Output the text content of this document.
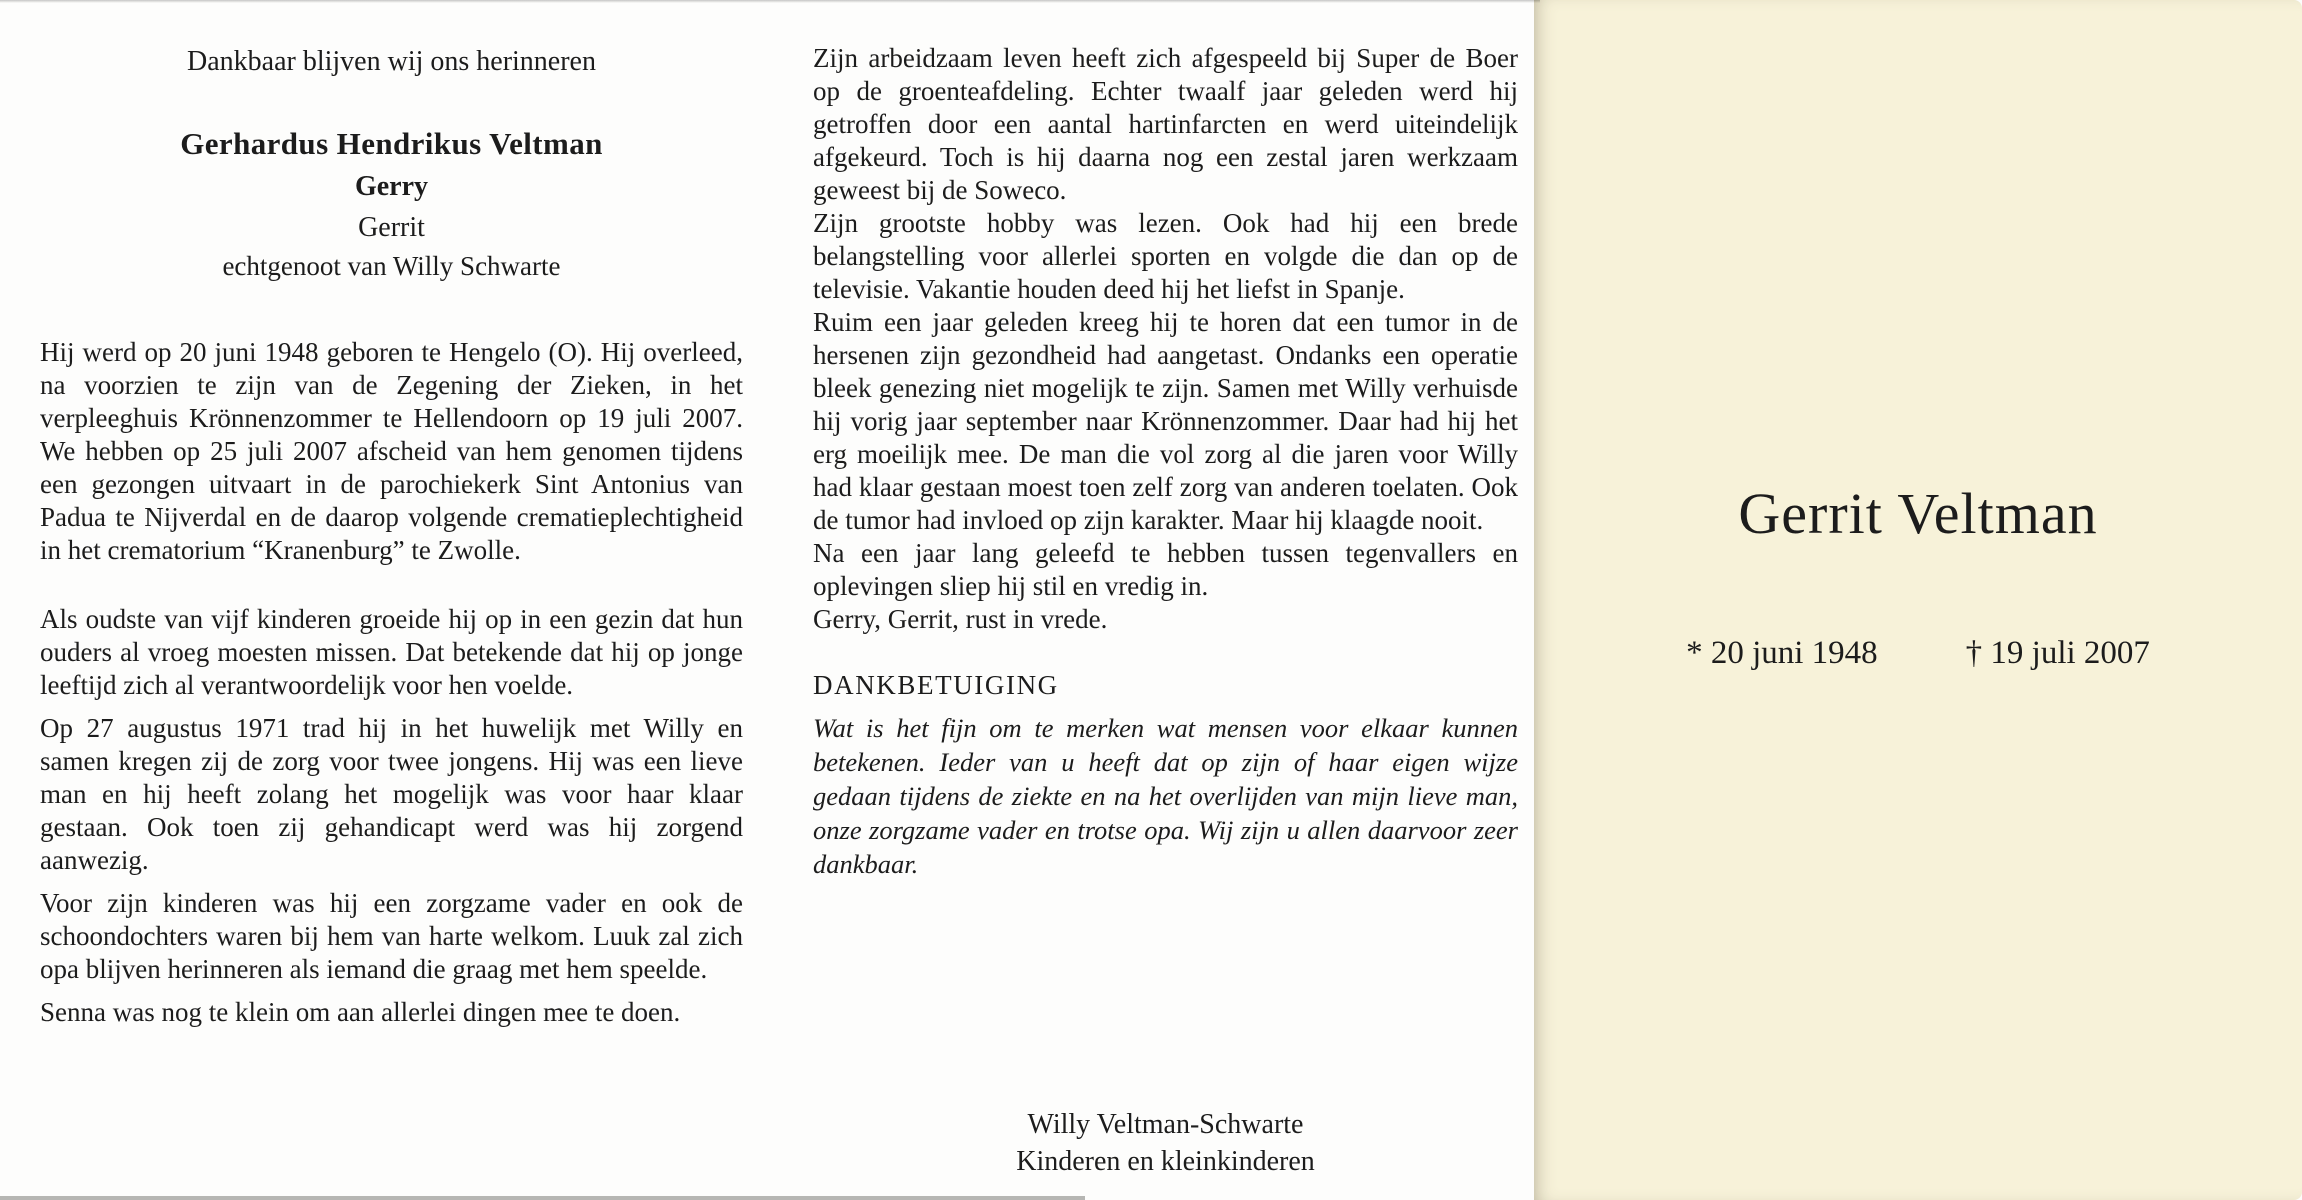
Dankbaar blijven wij ons herinneren

Gerhardus Hendrikus Veltman

Gerry

Gerrit

echtgenoot van Willy Schwarte

Hij werd op 20 juni 1948 geboren te Hengelo (O). Hij overleed, na voorzien te zijn van de Zegening der Zieken, in het verpleeghuis Krönnenzommer te Hellendoorn op 19 juli 2007. We hebben op 25 juli 2007 afscheid van hem genomen tijdens een gezongen uitvaart in de parochiekerk Sint Antonius van Padua te Nijverdal en de daarop volgende crematieplechtigheid in het crematorium “Kranenburg” te Zwolle.

Als oudste van vijf kinderen groeide hij op in een gezin dat hun ouders al vroeg moesten missen. Dat betekende dat hij op jonge leeftijd zich al verantwoordelijk voor hen voelde.

Op 27 augustus 1971 trad hij in het huwelijk met Willy en samen kregen zij de zorg voor twee jongens. Hij was een lieve man en hij heeft zolang het mogelijk was voor haar klaar gestaan. Ook toen zij gehandicapt werd was hij zorgend aanwezig.

Voor zijn kinderen was hij een zorgzame vader en ook de schoondochters waren bij hem van harte welkom. Luuk zal zich opa blijven herinneren als iemand die graag met hem speelde.

Senna was nog te klein om aan allerlei dingen mee te doen.

Zijn arbeidzaam leven heeft zich afgespeeld bij Super de Boer op de groenteafdeling. Echter twaalf jaar geleden werd hij getroffen door een aantal hartinfarcten en werd uiteindelijk afgekeurd. Toch is hij daarna nog een zestal jaren werkzaam geweest bij de Soweco.

Zijn grootste hobby was lezen. Ook had hij een brede belangstelling voor allerlei sporten en volgde die dan op de televisie. Vakantie houden deed hij het liefst in Spanje.

Ruim een jaar geleden kreeg hij te horen dat een tumor in de hersenen zijn gezondheid had aangetast. Ondanks een operatie bleek genezing niet mogelijk te zijn. Samen met Willy verhuisde hij vorig jaar september naar Krönnenzommer. Daar had hij het erg moeilijk mee. De man die vol zorg al die jaren voor Willy had klaar gestaan moest toen zelf zorg van anderen toelaten. Ook de tumor had invloed op zijn karakter. Maar hij klaagde nooit.

Na een jaar lang geleefd te hebben tussen tegenvallers en oplevingen sliep hij stil en vredig in.

Gerry, Gerrit, rust in vrede.

DANKBETUIGING

Wat is het fijn om te merken wat mensen voor elkaar kunnen betekenen. Ieder van u heeft dat op zijn of haar eigen wijze gedaan tijdens de ziekte en na het overlijden van mijn lieve man, onze zorgzame vader en trotse opa. Wij zijn u allen daarvoor zeer dankbaar.

Willy Veltman-Schwarte

Kinderen en kleinkinderen

Gerrit Veltman

* 20 juni 1948	† 19 juli 2007
